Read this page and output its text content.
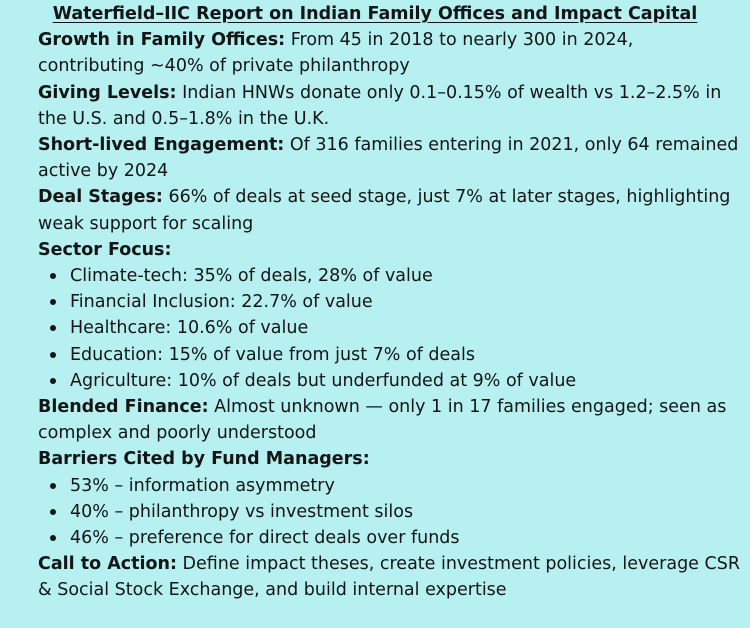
Waterfield–IIC Report on Indian Family Offices and Impact Capital

Growth in Family Offices: From 45 in 2018 to nearly 300 in 2024, contributing ~40% of private philanthropy

Giving Levels: Indian HNWs donate only 0.1–0.15% of wealth vs 1.2–2.5% in the U.S. and 0.5–1.8% in the U.K.

Short-lived Engagement: Of 316 families entering in 2021, only 64 remained active by 2024

Deal Stages: 66% of deals at seed stage, just 7% at later stages, highlighting weak support for scaling

Sector Focus:

Climate-tech: 35% of deals, 28% of value
Financial Inclusion: 22.7% of value
Healthcare: 10.6% of value
Education: 15% of value from just 7% of deals
Agriculture: 10% of deals but underfunded at 9% of value

Blended Finance: Almost unknown — only 1 in 17 families engaged; seen as complex and poorly understood

Barriers Cited by Fund Managers:

53% – information asymmetry
40% – philanthropy vs investment silos
46% – preference for direct deals over funds

Call to Action: Define impact theses, create investment policies, leverage CSR & Social Stock Exchange, and build internal expertise
